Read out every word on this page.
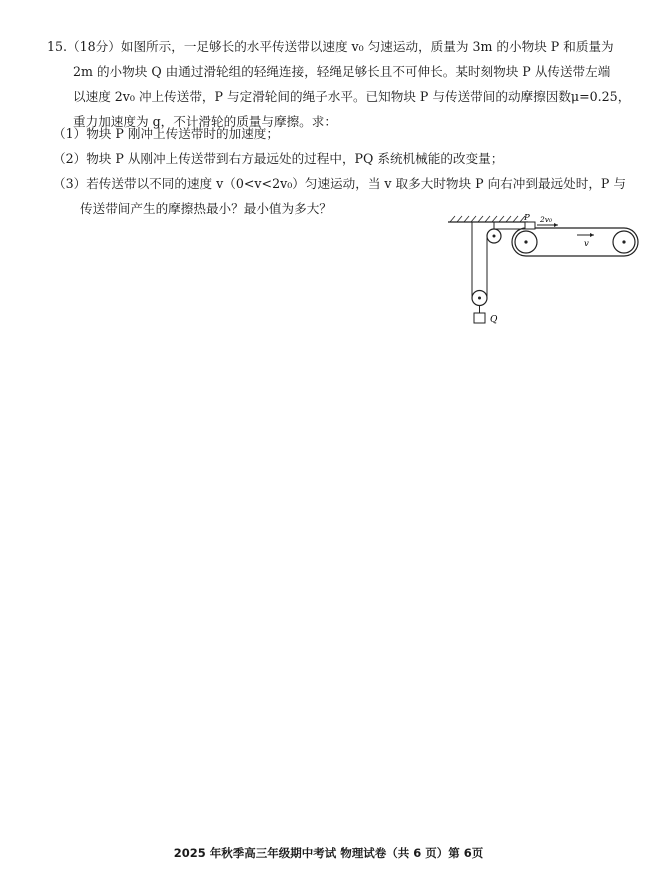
15.（18分）如图所示，一足够长的水平传送带以速度 v₀ 匀速运动，质量为 3m 的小物块 P 和质量为
2m 的小物块 Q 由通过滑轮组的轻绳连接，轻绳足够长且不可伸长。某时刻物块 P 从传送带左端
以速度 2v₀ 冲上传送带，P 与定滑轮间的绳子水平。已知物块 P 与传送带间的动摩擦因数μ=0.25，
重力加速度为 g，不计滑轮的质量与摩擦。求：
（1）物块 P 刚冲上传送带时的加速度；
（2）物块 P 从刚冲上传送带到右方最远处的过程中，PQ 系统机械能的改变量；
（3）若传送带以不同的速度 v（0<v<2v₀）匀速运动，当 v 取多大时物块 P 向右冲到最远处时，P 与
传送带间产生的摩擦热最小？最小值为多大？
Q
P 2v₀
v
2025 年秋季高三年级期中考试 物理试卷（共 6 页）第 6页
